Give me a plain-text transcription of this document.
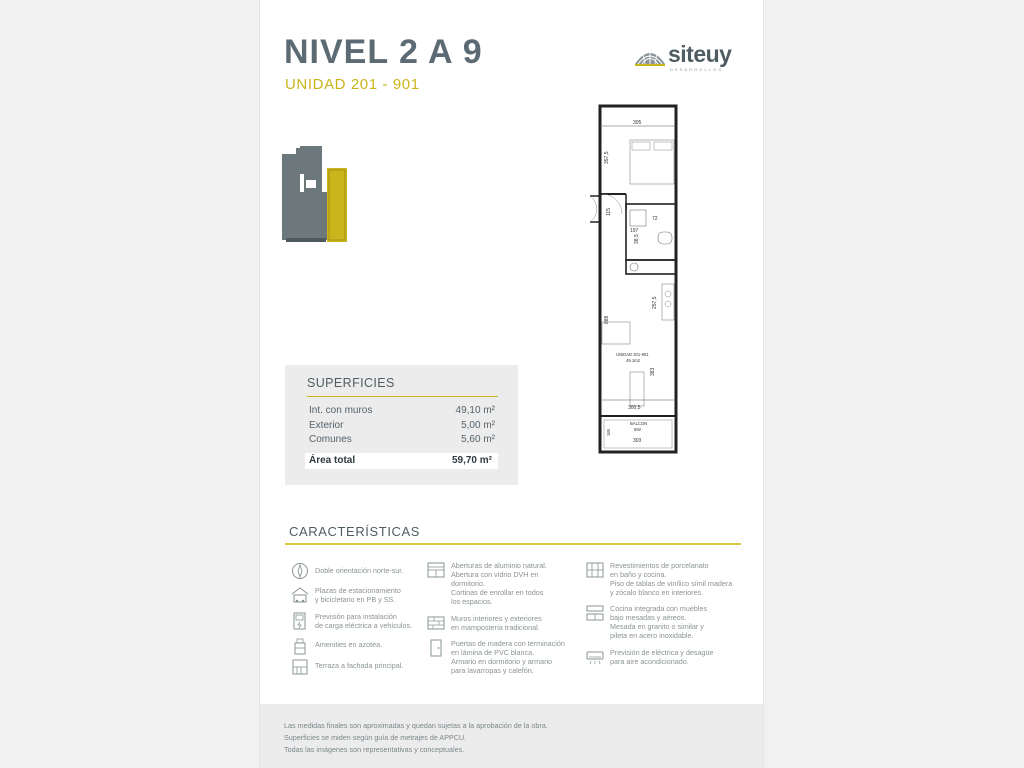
NIVEL 2 A 9
UNIDAD 201 - 901
siteuy
DESARROLLOS
305
357,5
115
72
197
38,5
257,5
888
UNIDAD 201-901
49.1m2
383
300,5
BALCON
992
185
303
SUPERFICIES
Int. con muros	49,10 m²
Exterior	5,00 m²
Comunes	5,60 m²
Área total	59,70 m²
CARACTERÍSTICAS
Doble orientación norte-sur.
Plazas de estacionamiento
y bicicletario en PB y SS.
Previsión para instalación
de carga eléctrica a vehículos.
Amenities en azotea.
Terraza a fachada principal.
Aberturas de aluminio natural.
Abertura con vidrio DVH en
dormitorio.
Cortinas de enrollar en todos
los espacios.
Muros interiores y exteriores
en mampostería tradicional.
Puertas de madera con terminación
en lámina de PVC blanca.
Armario en dormitorio y armario
para lavarropas y calefón.
Revestimientos de porcelanato
en baño y cocina.
Piso de tablas de vinílico símil madera
y zócalo blanco en interiores.
Cocina integrada con muebles
bajo mesadas y aéreos.
Mesada en granito o similar y
pileta en acero inoxidable.
Previsión de eléctrica y desagüe
para aire acondicionado.
Las medidas finales son aproximadas y quedan sujetas a la aprobación de la obra.
Superficies se miden según guía de metrajes de APPCU.
Todas las imágenes son representativas y conceptuales.
